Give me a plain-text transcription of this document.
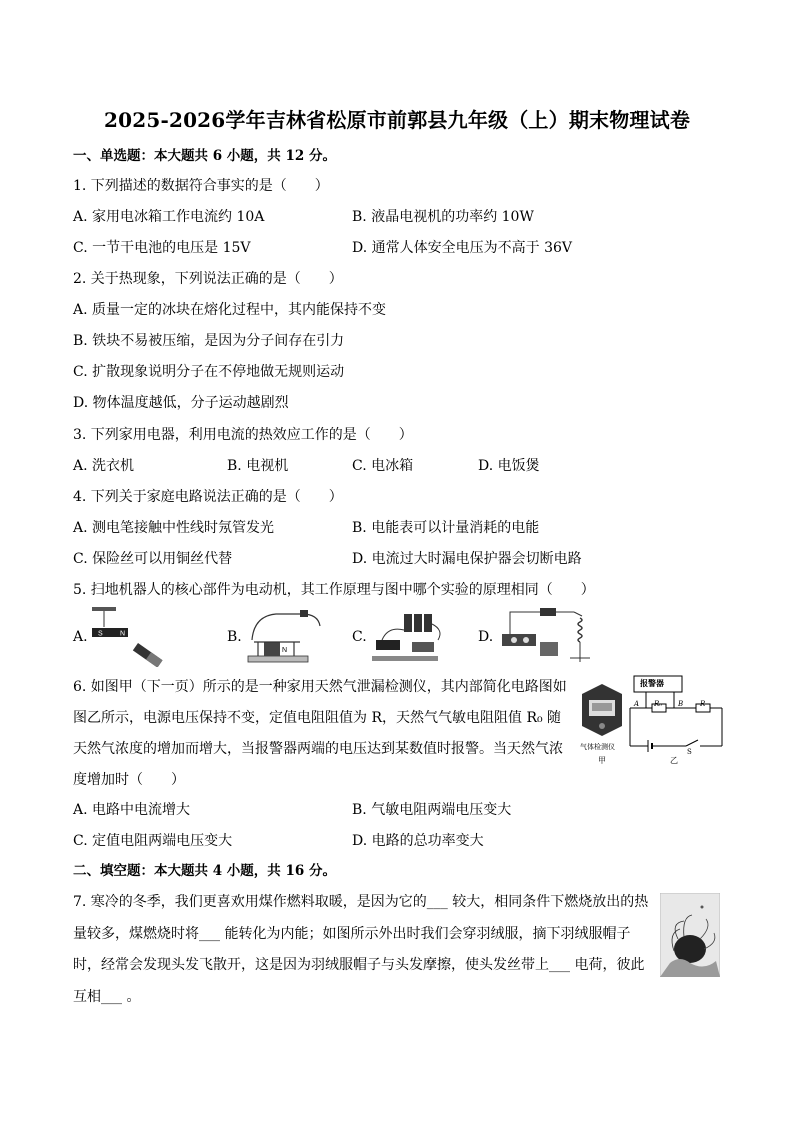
2025-2026学年吉林省松原市前郭县九年级（上）期末物理试卷
一、单选题：本大题共 6 小题，共 12 分。
1. 下列描述的数据符合事实的是（　　）
A. 家用电冰箱工作电流约 10A	B. 液晶电视机的功率约 10W
C. 一节干电池的电压是 15V	D. 通常人体安全电压为不高于 36V
2. 关于热现象，下列说法正确的是（　　）
A. 质量一定的冰块在熔化过程中，其内能保持不变
B. 铁块不易被压缩，是因为分子间存在引力
C. 扩散现象说明分子在不停地做无规则运动
D. 物体温度越低，分子运动越剧烈
3. 下列家用电器，利用电流的热效应工作的是（　　）
A. 洗衣机	B. 电视机	C. 电冰箱	D. 电饭煲
4. 下列关于家庭电路说法正确的是（　　）
A. 测电笔接触中性线时氖管发光	B. 电能表可以计量消耗的电能
C. 保险丝可以用铜丝代替	D. 电流过大时漏电保护器会切断电路
5. 扫地机器人的核心部件为电动机，其工作原理与图中哪个实验的原理相同（　　）
A.	B.	C.	D.
S N
N
6. 如图甲（下一页）所示的是一种家用天然气泄漏检测仪，其内部简化电路图如
图乙所示，电源电压保持不变，定值电阻阻值为 R，天然气气敏电阻阻值 R₀ 随
天然气浓度的增加而增大，当报警器两端的电压达到某数值时报警。当天然气浓
度增加时（　　）
气体检测仪
甲
报警器
A R₀ B R
S
乙
A. 电路中电流增大	B. 气敏电阻两端电压变大
C. 定值电阻两端电压变大	D. 电路的总功率变大
二、填空题：本大题共 4 小题，共 16 分。
7. 寒冷的冬季，我们更喜欢用煤作燃料取暖，是因为它的___ 较大，相同条件下燃烧放出的热
量较多，煤燃烧时将___ 能转化为内能；如图所示外出时我们会穿羽绒服，摘下羽绒服帽子
时，经常会发现头发飞散开，这是因为羽绒服帽子与头发摩擦，使头发丝带上___ 电荷，彼此
互相___ 。
